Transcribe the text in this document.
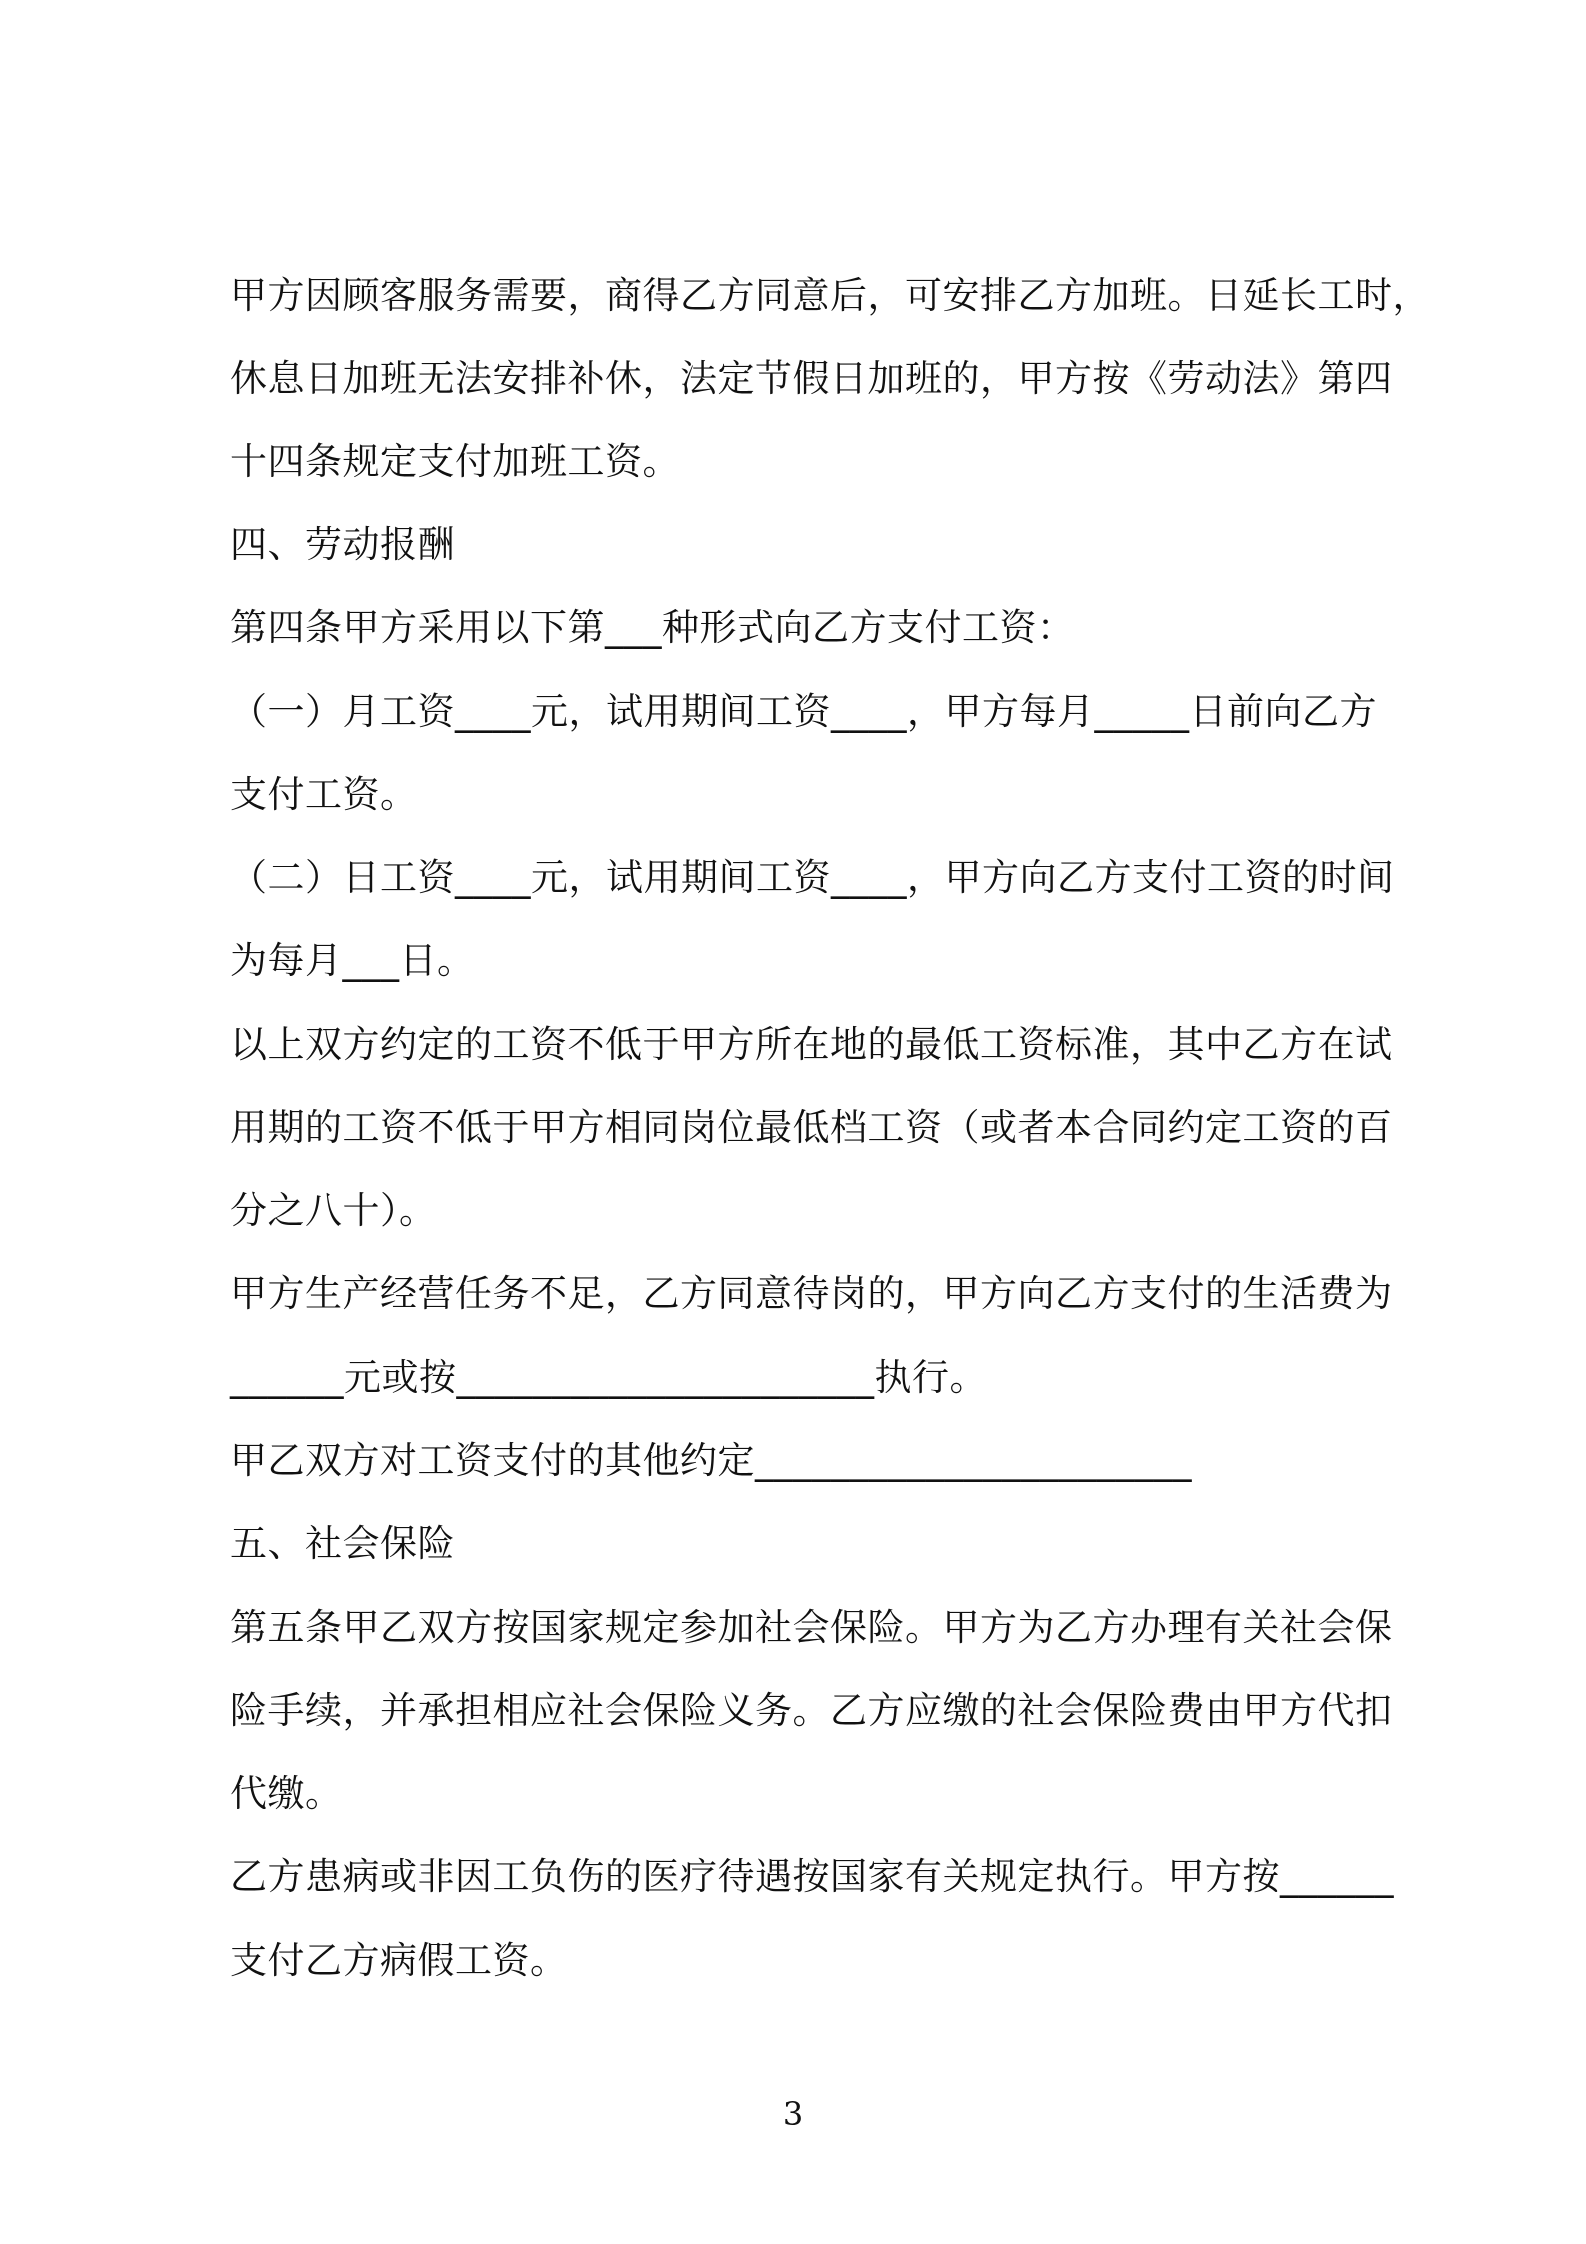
甲方因顾客服务需要，商得乙方同意后，可安排乙方加班。日延长工时，

休息日加班无法安排补休，法定节假日加班的，甲方按《劳动法》第四

十四条规定支付加班工资。

四、劳动报酬

第四条甲方采用以下第___种形式向乙方支付工资：

（一）月工资____元，试用期间工资____，甲方每月_____日前向乙方

支付工资。

（二）日工资____元，试用期间工资____，甲方向乙方支付工资的时间

为每月___日。

以上双方约定的工资不低于甲方所在地的最低工资标准，其中乙方在试

用期的工资不低于甲方相同岗位最低档工资（或者本合同约定工资的百

分之八十）。

甲方生产经营任务不足，乙方同意待岗的，甲方向乙方支付的生活费为

______元或按______________________执行。

甲乙双方对工资支付的其他约定_______________________

五、社会保险

第五条甲乙双方按国家规定参加社会保险。甲方为乙方办理有关社会保

险手续，并承担相应社会保险义务。乙方应缴的社会保险费由甲方代扣

代缴。

乙方患病或非因工负伤的医疗待遇按国家有关规定执行。甲方按______

支付乙方病假工资。

3
